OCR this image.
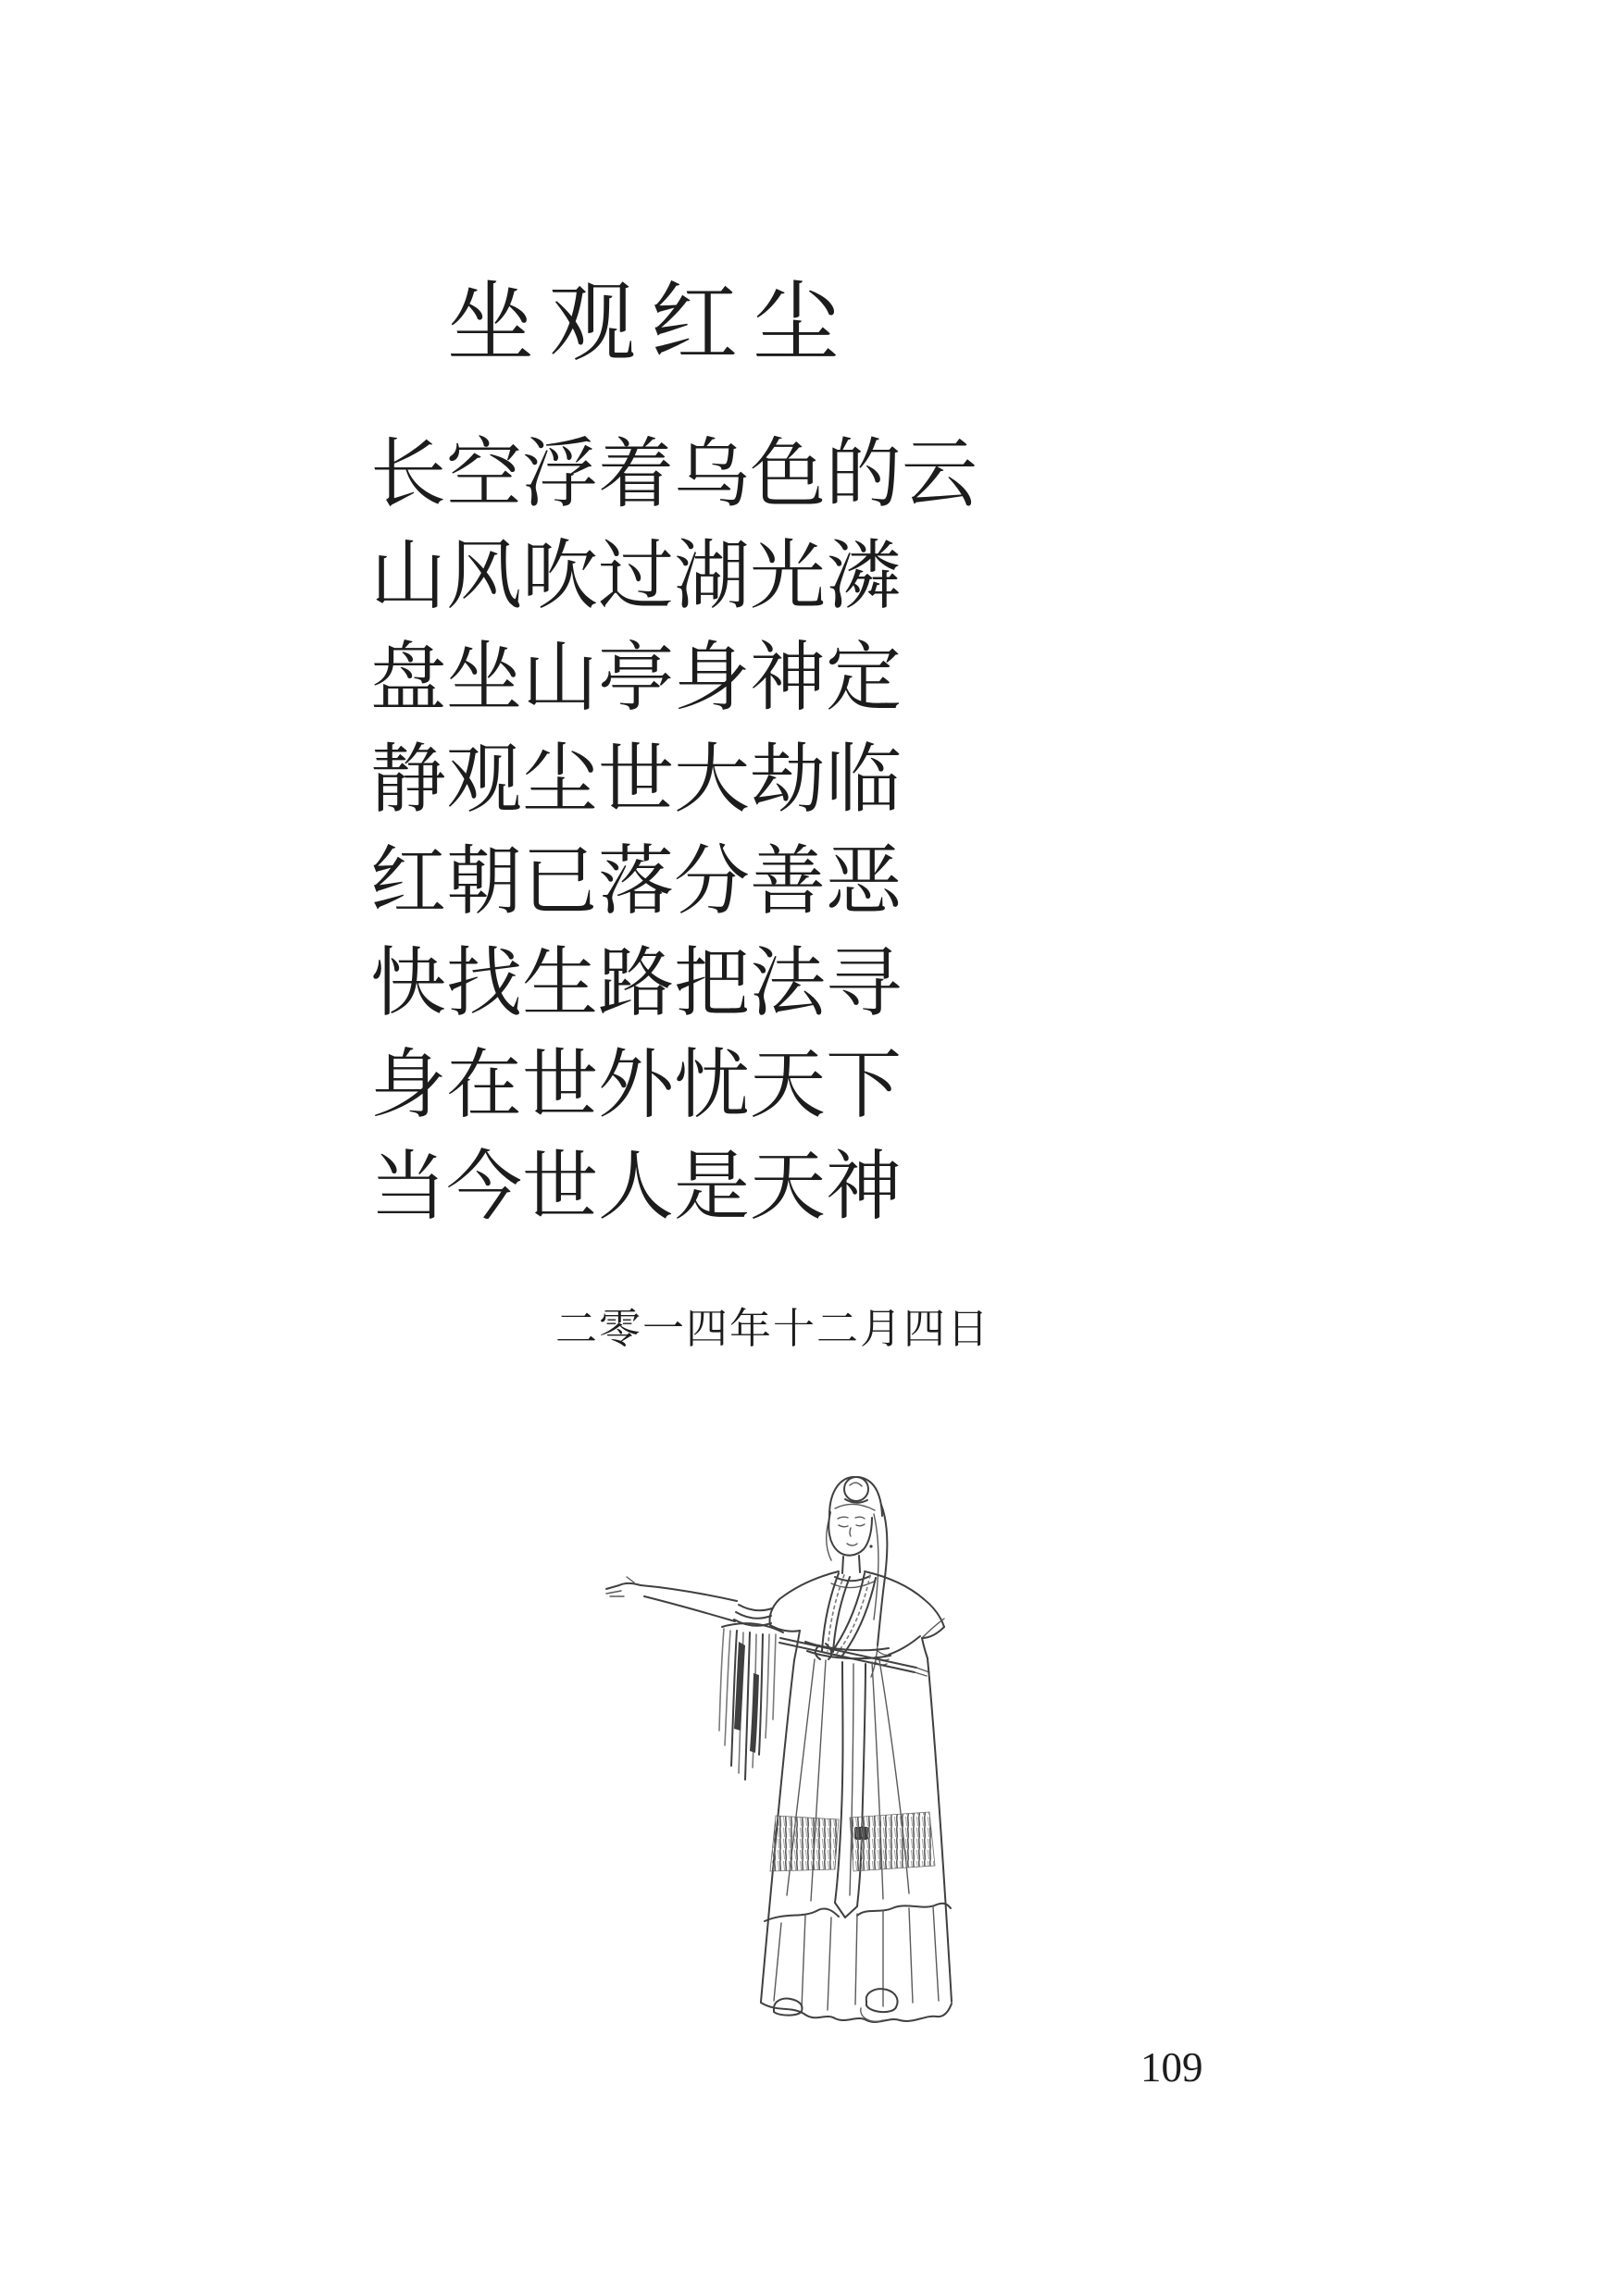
坐观红尘
长空浮着乌色的云
山风吹过湖光潾
盘坐山亭身神定
静观尘世大劫临
红朝已落分善恶
快找生路把法寻
身在世外忧天下
当今世人是天神
二零一四年十二月四日
109
